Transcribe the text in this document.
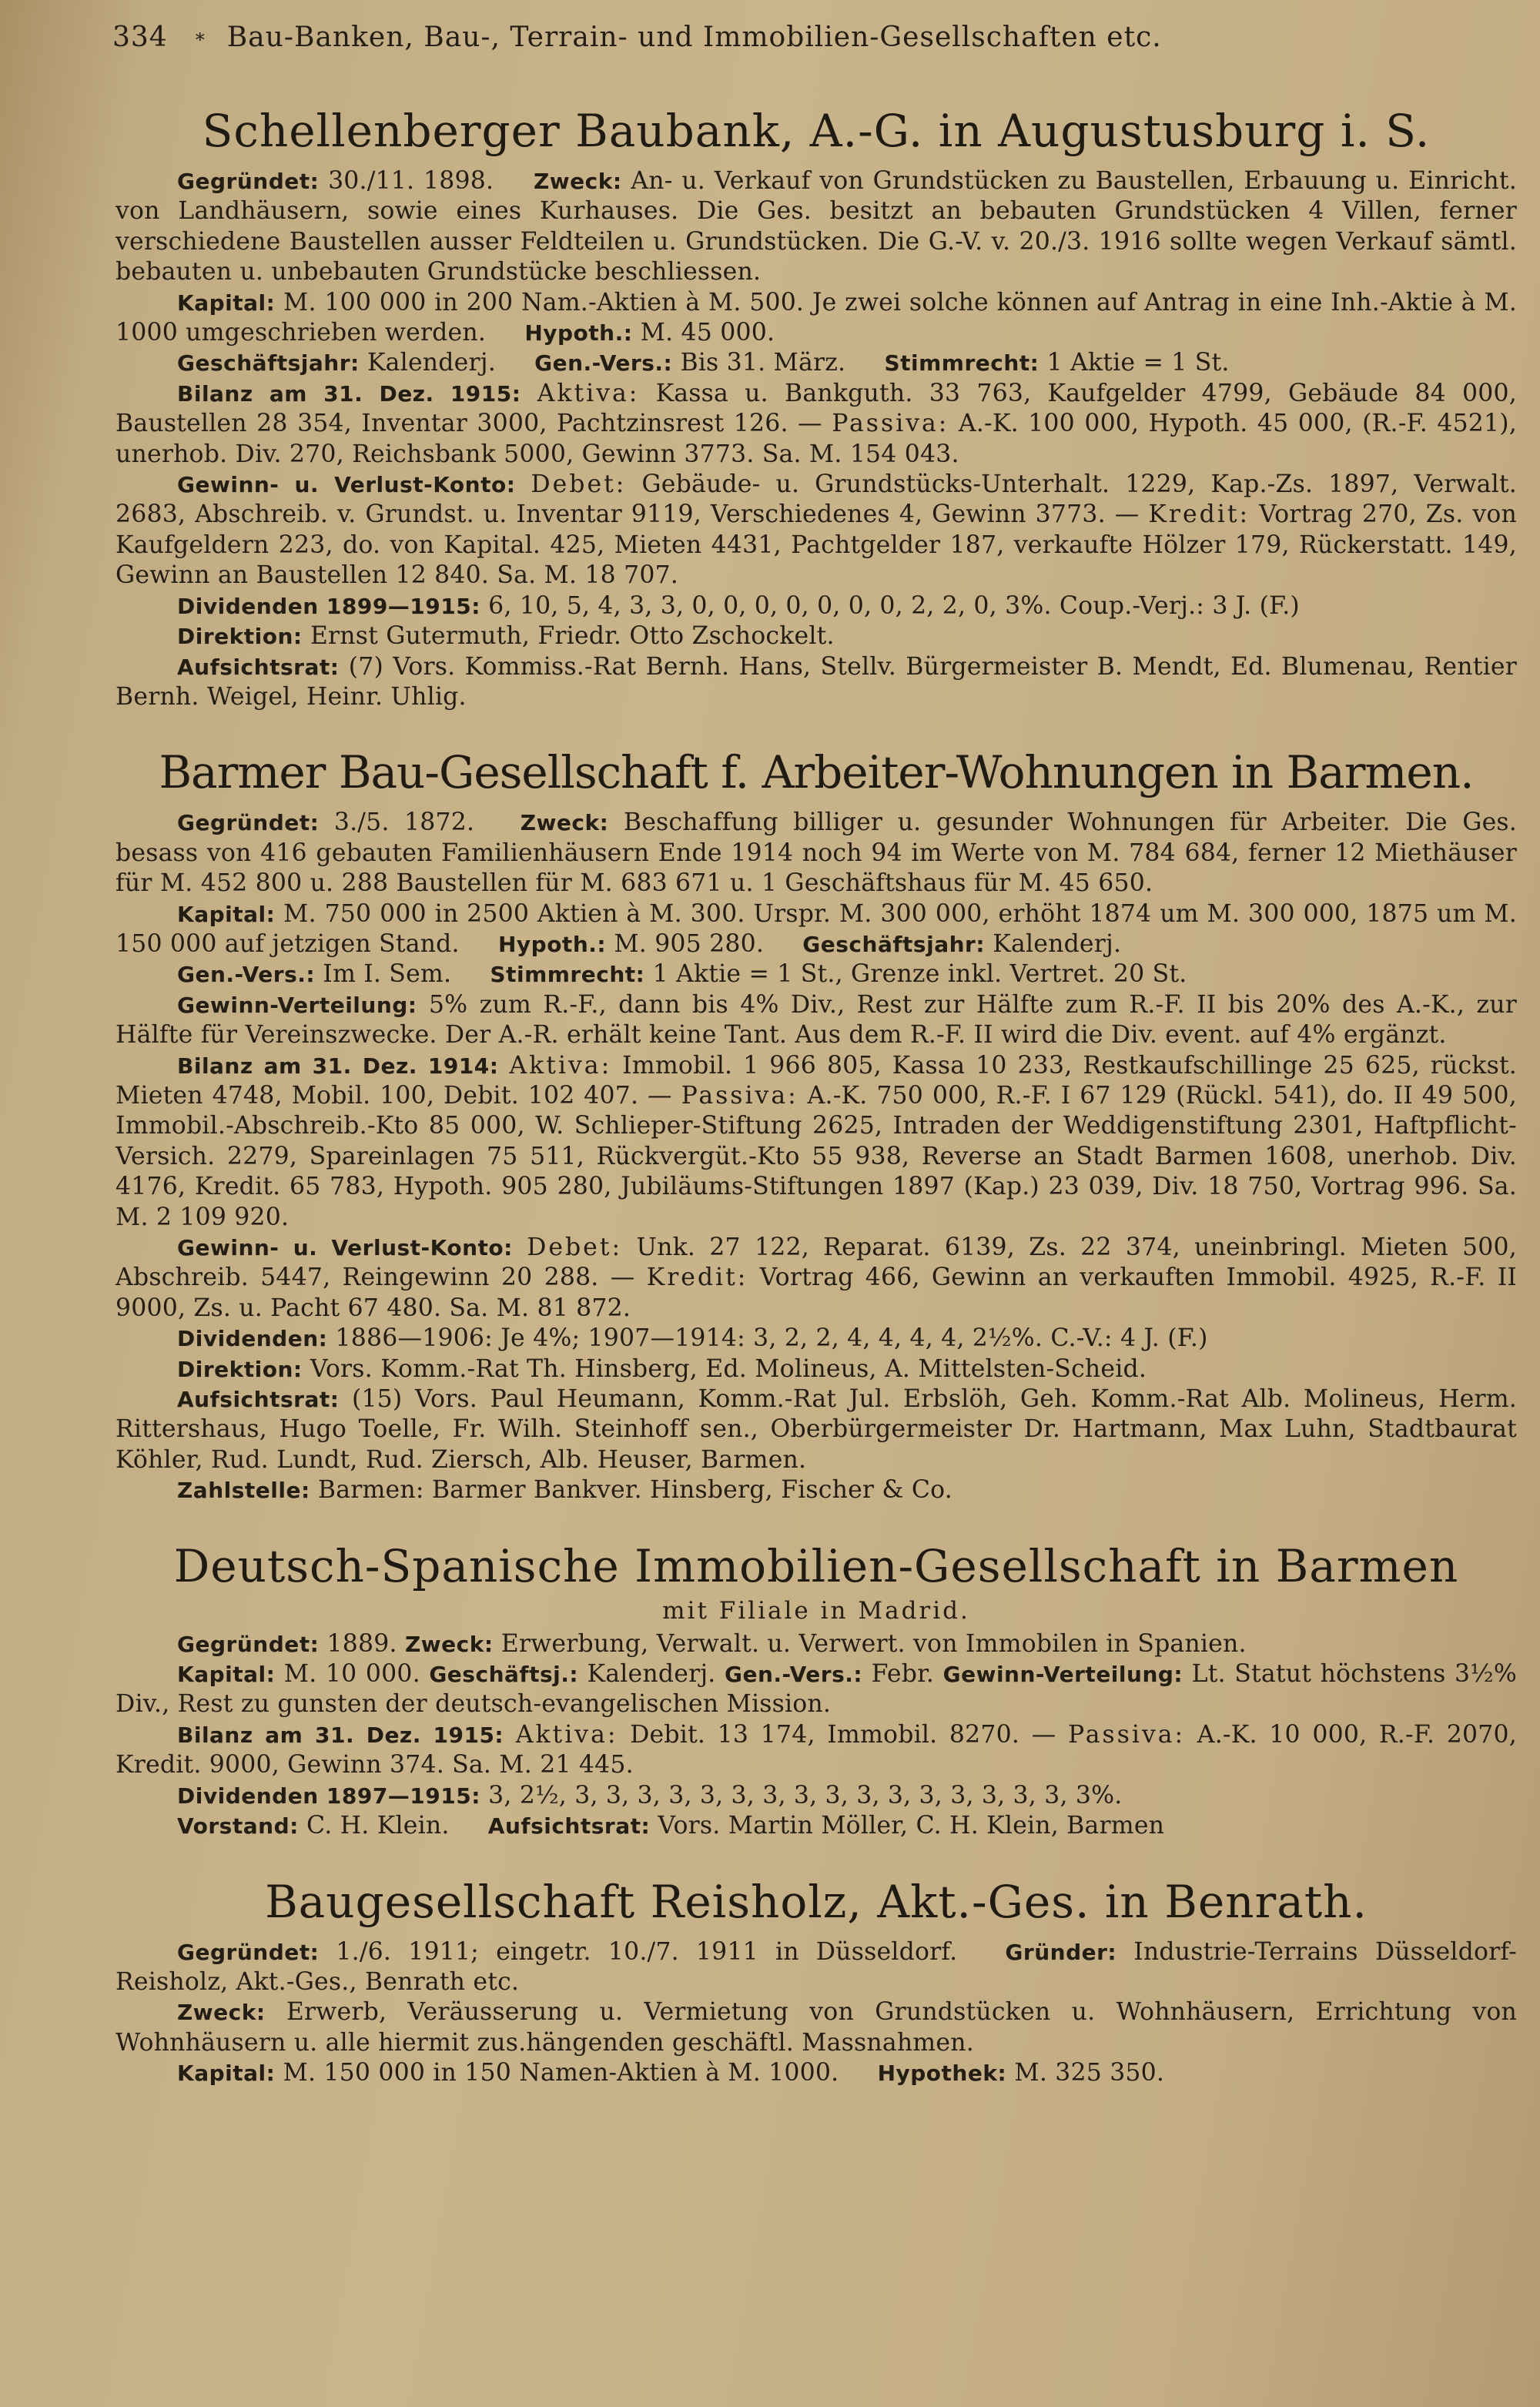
334 * Bau-Banken, Bau-, Terrain- und Immobilien-Gesellschaften etc.
Schellenberger Baubank, A.-G. in Augustusburg i. S.

Gegründet: 30./11. 1898. Zweck: An- u. Verkauf von Grundstücken zu Baustellen, Erbauung u. Einricht. von Landhäusern, sowie eines Kurhauses. Die Ges. besitzt an bebauten Grundstücken 4 Villen, ferner verschiedene Baustellen ausser Feldteilen u. Grundstücken. Die G.-V. v. 20./3. 1916 sollte wegen Verkauf sämtl. bebauten u. unbebauten Grundstücke beschliessen.

Kapital: M. 100 000 in 200 Nam.-Aktien à M. 500. Je zwei solche können auf Antrag in eine Inh.-Aktie à M. 1000 umgeschrieben werden. Hypoth.: M. 45 000.

Geschäftsjahr: Kalenderj. Gen.-Vers.: Bis 31. März. Stimmrecht: 1 Aktie = 1 St.

Bilanz am 31. Dez. 1915: Aktiva: Kassa u. Bankguth. 33 763, Kaufgelder 4799, Gebäude 84 000, Baustellen 28 354, Inventar 3000, Pachtzinsrest 126. — Passiva: A.-K. 100 000, Hypoth. 45 000, (R.-F. 4521), unerhob. Div. 270, Reichsbank 5000, Gewinn 3773. Sa. M. 154 043.

Gewinn- u. Verlust-Konto: Debet: Gebäude- u. Grundstücks-Unterhalt. 1229, Kap.-Zs. 1897, Verwalt. 2683, Abschreib. v. Grundst. u. Inventar 9119, Verschiedenes 4, Gewinn 3773. — Kredit: Vortrag 270, Zs. von Kaufgeldern 223, do. von Kapital. 425, Mieten 4431, Pachtgelder 187, verkaufte Hölzer 179, Rückerstatt. 149, Gewinn an Baustellen 12 840. Sa. M. 18 707.

Dividenden 1899—1915: 6, 10, 5, 4, 3, 3, 0, 0, 0, 0, 0, 0, 0, 2, 2, 0, 3%. Coup.-Verj.: 3 J. (F.)

Direktion: Ernst Gutermuth, Friedr. Otto Zschockelt.

Aufsichtsrat: (7) Vors. Kommiss.-Rat Bernh. Hans, Stellv. Bürgermeister B. Mendt, Ed. Blumenau, Rentier Bernh. Weigel, Heinr. Uhlig.

Barmer Bau-Gesellschaft f. Arbeiter-Wohnungen in Barmen.

Gegründet: 3./5. 1872. Zweck: Beschaffung billiger u. gesunder Wohnungen für Arbeiter. Die Ges. besass von 416 gebauten Familienhäusern Ende 1914 noch 94 im Werte von M. 784 684, ferner 12 Miethäuser für M. 452 800 u. 288 Baustellen für M. 683 671 u. 1 Geschäftshaus für M. 45 650.

Kapital: M. 750 000 in 2500 Aktien à M. 300. Urspr. M. 300 000, erhöht 1874 um M. 300 000, 1875 um M. 150 000 auf jetzigen Stand. Hypoth.: M. 905 280. Geschäftsjahr: Kalenderj.

Gen.-Vers.: Im I. Sem. Stimmrecht: 1 Aktie = 1 St., Grenze inkl. Vertret. 20 St.

Gewinn-Verteilung: 5% zum R.-F., dann bis 4% Div., Rest zur Hälfte zum R.-F. II bis 20% des A.-K., zur Hälfte für Vereinszwecke. Der A.-R. erhält keine Tant. Aus dem R.-F. II wird die Div. event. auf 4% ergänzt.

Bilanz am 31. Dez. 1914: Aktiva: Immobil. 1 966 805, Kassa 10 233, Restkaufschillinge 25 625, rückst. Mieten 4748, Mobil. 100, Debit. 102 407. — Passiva: A.-K. 750 000, R.-F. I 67 129 (Rückl. 541), do. II 49 500, Immobil.-Abschreib.-Kto 85 000, W. Schlieper-Stiftung 2625, Intraden der Weddigenstiftung 2301, Haftpflicht-Versich. 2279, Spareinlagen 75 511, Rückvergüt.-Kto 55 938, Reverse an Stadt Barmen 1608, unerhob. Div. 4176, Kredit. 65 783, Hypoth. 905 280, Jubiläums-Stiftungen 1897 (Kap.) 23 039, Div. 18 750, Vortrag 996. Sa. M. 2 109 920.

Gewinn- u. Verlust-Konto: Debet: Unk. 27 122, Reparat. 6139, Zs. 22 374, uneinbringl. Mieten 500, Abschreib. 5447, Reingewinn 20 288. — Kredit: Vortrag 466, Gewinn an verkauften Immobil. 4925, R.-F. II 9000, Zs. u. Pacht 67 480. Sa. M. 81 872.

Dividenden: 1886—1906: Je 4%; 1907—1914: 3, 2, 2, 4, 4, 4, 4, 2½%. C.-V.: 4 J. (F.)

Direktion: Vors. Komm.-Rat Th. Hinsberg, Ed. Molineus, A. Mittelsten-Scheid.

Aufsichtsrat: (15) Vors. Paul Heumann, Komm.-Rat Jul. Erbslöh, Geh. Komm.-Rat Alb. Molineus, Herm. Rittershaus, Hugo Toelle, Fr. Wilh. Steinhoff sen., Oberbürgermeister Dr. Hartmann, Max Luhn, Stadtbaurat Köhler, Rud. Lundt, Rud. Ziersch, Alb. Heuser, Barmen.

Zahlstelle: Barmen: Barmer Bankver. Hinsberg, Fischer & Co.

Deutsch-Spanische Immobilien-Gesellschaft in Barmen
mit Filiale in Madrid.

Gegründet: 1889. Zweck: Erwerbung, Verwalt. u. Verwert. von Immobilen in Spanien.

Kapital: M. 10 000. Geschäftsj.: Kalenderj. Gen.-Vers.: Febr. Gewinn-Verteilung: Lt. Statut höchstens 3½% Div., Rest zu gunsten der deutsch-evangelischen Mission.

Bilanz am 31. Dez. 1915: Aktiva: Debit. 13 174, Immobil. 8270. — Passiva: A.-K. 10 000, R.-F. 2070, Kredit. 9000, Gewinn 374. Sa. M. 21 445.

Dividenden 1897—1915: 3, 2½, 3, 3, 3, 3, 3, 3, 3, 3, 3, 3, 3, 3, 3, 3, 3, 3, 3%.

Vorstand: C. H. Klein. Aufsichtsrat: Vors. Martin Möller, C. H. Klein, Barmen

Baugesellschaft Reisholz, Akt.-Ges. in Benrath.

Gegründet: 1./6. 1911; eingetr. 10./7. 1911 in Düsseldorf. Gründer: Industrie-Terrains Düsseldorf-Reisholz, Akt.-Ges., Benrath etc.

Zweck: Erwerb, Veräusserung u. Vermietung von Grundstücken u. Wohnhäusern, Errichtung von Wohnhäusern u. alle hiermit zus.hängenden geschäftl. Massnahmen.

Kapital: M. 150 000 in 150 Namen-Aktien à M. 1000. Hypothek: M. 325 350.
